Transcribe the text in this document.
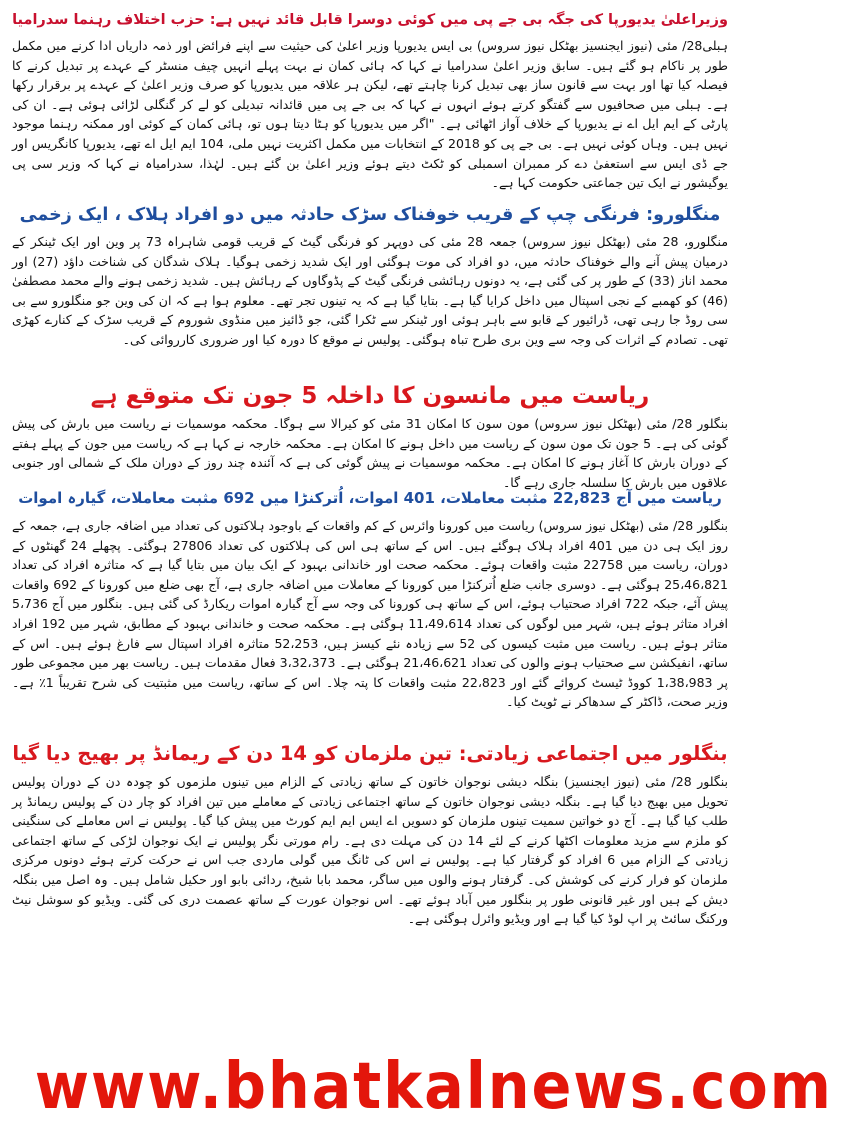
وزیراعلیٰ یدیورپا کی جگہ بی جے پی میں کوئی دوسرا قابل قائد نہیں ہے: حزب اختلاف رہنما سدرامیا

ہبلی28/ مئی (نیوز ایجنسیز بھٹکل نیوز سروس) بی ایس یدیورپا وزیر اعلیٰ کی حیثیت سے اپنے فرائض اور ذمہ داریاں ادا کرنے میں مکمل طور پر ناکام ہو گئے ہیں۔ سابق وزیر اعلیٰ سدرامیا نے کہا کہ ہائی کمان نے بہت پہلے انہیں چیف منسٹر کے عہدے پر تبدیل کرنے کا فیصلہ کیا تھا اور بہت سے قانون ساز بھی تبدیل کرنا چاہتے تھے، لیکن ہر علاقہ میں یدیورپا کو صرف وزیر اعلیٰ کے عہدے پر برقرار رکھا ہے۔ ہبلی میں صحافیوں سے گفتگو کرتے ہوئے انہوں نے کہا کہ بی جے پی میں قائدانہ تبدیلی کو لے کر گنگلی لڑائی ہوئی ہے۔ ان کی پارٹی کے ایم ایل اے نے یدیورپا کے خلاف آواز اٹھائی ہے۔ "اگر میں یدیورپا کو ہٹا دیتا ہوں تو، ہائی کمان کے کوئی اور ممکنہ رہنما موجود نہیں ہیں۔ وہاں کوئی نہیں ہے۔ بی جے پی کو 2018 کے انتخابات میں مکمل اکثریت نہیں ملی، 104 ایم ایل اے تھے، یدیورپا کانگریس اور جے ڈی ایس سے استعفیٰ دے کر ممبران اسمبلی کو ٹکٹ دیتے ہوئے وزیر اعلیٰ بن گئے ہیں۔ لہٰذا، سدرامیاہ نے کہا کہ وزیر سی پی یوگیشور نے ایک تین جماعتی حکومت کہا ہے۔

منگلورو: فرنگی چپ کے قریب خوفناک سڑک حادثہ میں دو افراد ہلاک ، ایک زخمی

منگلورو، 28 مئی (بھٹکل نیوز سروس) جمعہ 28 مئی کی دوپہر کو فرنگی گیٹ کے قریب قومی شاہراہ 73 پر وین اور ایک ٹینکر کے درمیان پیش آنے والے خوفناک حادثہ میں، دو افراد کی موت ہوگئی اور ایک شدید زخمی ہوگیا۔ ہلاک شدگان کی شناخت داؤد (27) اور محمد اناز (33) کے طور پر کی گئی ہے، یہ دونوں رہائشی فرنگی گیٹ کے پڈوگاوں کے رہائش ہیں۔ شدید زخمی ہونے والے محمد مصطفیٰ (46) کو کھمبے کے نجی اسپتال میں داخل کرایا گیا ہے۔ بتایا گیا ہے کہ یہ تینوں تجر تھے۔ معلوم ہوا ہے کہ ان کی وین جو منگلورو سے بی سی روڈ جا رہی تھی، ڈرائیور کے قابو سے باہر ہوئی اور ٹینکر سے ٹکرا گئی، جو ڈائیز میں منڈوی شوروم کے قریب سڑک کے کنارے کھڑی تھی۔ تصادم کے اثرات کی وجہ سے وین بری طرح تباہ ہوگئی۔ پولیس نے موقع کا دورہ کیا اور ضروری کارروائی کی۔

ریاست میں مانسون کا داخلہ 5 جون تک متوقع ہے

بنگلور 28/ مئی (بھٹکل نیوز سروس) مون سون کا امکان 31 مئی کو کیرالا سے ہوگا۔ محکمہ موسمیات نے ریاست میں بارش کی پیش گوئی کی ہے۔ 5 جون تک مون سون کے ریاست میں داخل ہونے کا امکان ہے۔ محکمہ خارجہ نے کہا ہے کہ ریاست میں جون کے پہلے ہفتے کے دوران بارش کا آغاز ہونے کا امکان ہے۔ محکمہ موسمیات نے پیش گوئی کی ہے کہ آئندہ چند روز کے دوران ملک کے شمالی اور جنوبی علاقوں میں بارش کا سلسلہ جاری رہے گا۔

ریاست میں آج 22,823 مثبت معاملات، 401 اموات، اُترکنڑا میں 692 مثبت معاملات، گیارہ اموات

بنگلور 28/ مئی (بھٹکل نیوز سروس) ریاست میں کورونا وائرس کے کم واقعات کے باوجود ہلاکتوں کی تعداد میں اضافہ جاری ہے، جمعہ کے روز ایک ہی دن میں 401 افراد ہلاک ہوگئے ہیں۔ اس کے ساتھ ہی اس کی ہلاکتوں کی تعداد 27806 ہوگئی۔ پچھلے 24 گھنٹوں کے دوران، ریاست میں 22758 مثبت واقعات ہوئے۔ محکمہ صحت اور خاندانی بہبود کے ایک بیان میں بتایا گیا ہے کہ متاثرہ افراد کی تعداد 25،46،821 ہوگئی ہے۔ دوسری جانب ضلع اُترکنڑا میں کورونا کے معاملات میں اضافہ جاری ہے، آج بھی ضلع میں کورونا کے 692 واقعات پیش آئے، جبکہ 722 افراد صحتیاب ہوئے، اس کے ساتھ ہی کورونا کی وجہ سے آج گیارہ اموات ریکارڈ کی گئی ہیں۔ بنگلور میں آج 5،736 افراد متاثر ہوئے ہیں، شہر میں لوگوں کی تعداد 11،49،614 ہوگئی ہے۔ محکمہ صحت و خاندانی بہبود کے مطابق، شہر میں 192 افراد متاثر ہوئے ہیں۔ ریاست میں مثبت کیسوں کی 52 سے زیادہ نئے کیسز ہیں، 52،253 متاثرہ افراد اسپتال سے فارغ ہوئے ہیں۔ اس کے ساتھ، انفیکشن سے صحتیاب ہونے والوں کی تعداد 21،46،621 ہوگئی ہے۔ 3،32،373 فعال مقدمات ہیں۔ ریاست بھر میں مجموعی طور پر 1،38،983 کووڈ ٹیسٹ کروائے گئے اور 22،823 مثبت واقعات کا پتہ چلا۔ اس کے ساتھ، ریاست میں مثبتیت کی شرح تقریباً 1٪ ہے۔ وزیر صحت، ڈاکٹر کے سدھاکر نے ٹویٹ کیا۔

بنگلور میں اجتماعی زیادتی: تین ملزمان کو 14 دن کے ریمانڈ پر بھیج دیا گیا

بنگلور 28/ مئی (نیوز ایجنسیز) بنگلہ دیشی نوجوان خاتون کے ساتھ زیادتی کے الزام میں تینوں ملزموں کو چودہ دن کے دوران پولیس تحویل میں بھیج دیا گیا ہے۔ بنگلہ دیشی نوجوان خاتون کے ساتھ اجتماعی زیادتی کے معاملے میں تین افراد کو چار دن کے پولیس ریمانڈ پر طلب کیا گیا ہے۔ آج دو خواتین سمیت تینوں ملزمان کو دسویں اے ایس ایم ایم کورٹ میں پیش کیا گیا۔ پولیس نے اس معاملے کی سنگینی کو ملزم سے مزید معلومات اکٹھا کرنے کے لئے 14 دن کی مہلت دی ہے۔ رام مورتی نگر پولیس نے ایک نوجوان لڑکی کے ساتھ اجتماعی زیادتی کے الزام میں 6 افراد کو گرفتار کیا ہے۔ پولیس نے اس کی ٹانگ میں گولی ماردی جب اس نے حرکت کرتے ہوئے دونوں مرکزی ملزمان کو فرار کرنے کی کوشش کی۔ گرفتار ہونے والوں میں ساگر، محمد بابا شیخ، ردائی بابو اور حکیل شامل ہیں۔ وہ اصل میں بنگلہ دیش کے ہیں اور غیر قانونی طور پر بنگلور میں آباد ہوئے تھے۔ اس نوجوان عورت کے ساتھ عصمت دری کی گئی۔ ویڈیو کو سوشل نیٹ ورکنگ سائٹ پر اپ لوڈ کیا گیا ہے اور ویڈیو وائرل ہوگئی ہے۔

www.bhatkalnews.com
